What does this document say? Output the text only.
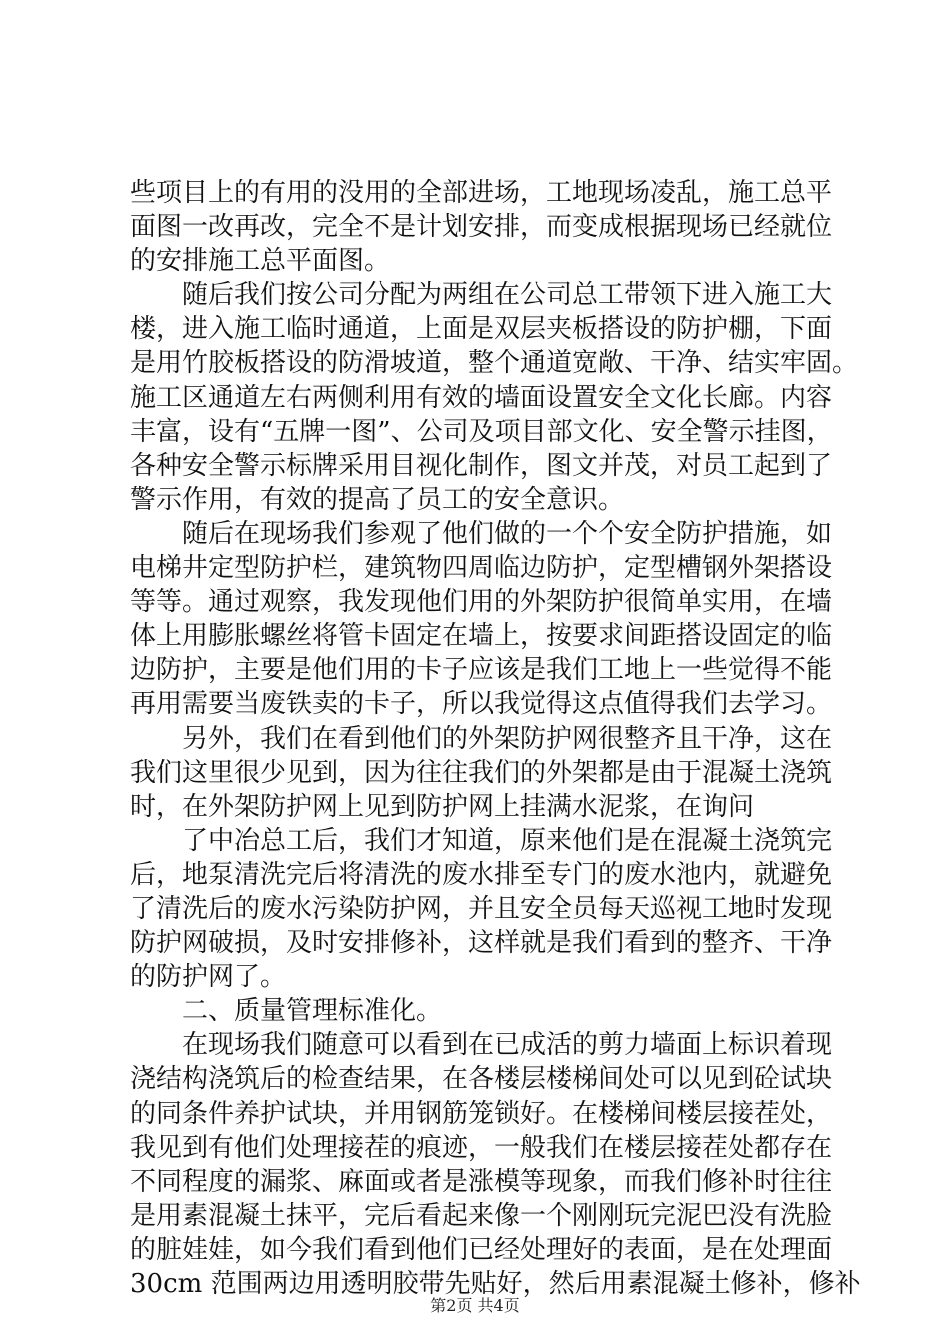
些项目上的有用的没用的全部进场，工地现场凌乱，施工总平
面图一改再改，完全不是计划安排，而变成根据现场已经就位
的安排施工总平面图。
随后我们按公司分配为两组在公司总工带领下进入施工大
楼，进入施工临时通道，上面是双层夹板搭设的防护棚，下面
是用竹胶板搭设的防滑坡道，整个通道宽敞、干净、结实牢固。
施工区通道左右两侧利用有效的墙面设置安全文化长廊。内容
丰富，设有“五牌一图”、公司及项目部文化、安全警示挂图，
各种安全警示标牌采用目视化制作，图文并茂，对员工起到了
警示作用，有效的提高了员工的安全意识。
随后在现场我们参观了他们做的一个个安全防护措施，如
电梯井定型防护栏，建筑物四周临边防护，定型槽钢外架搭设
等等。通过观察，我发现他们用的外架防护很简单实用，在墙
体上用膨胀螺丝将管卡固定在墙上，按要求间距搭设固定的临
边防护，主要是他们用的卡子应该是我们工地上一些觉得不能
再用需要当废铁卖的卡子，所以我觉得这点值得我们去学习。
另外，我们在看到他们的外架防护网很整齐且干净，这在
我们这里很少见到，因为往往我们的外架都是由于混凝土浇筑
时，在外架防护网上见到防护网上挂满水泥浆，在询问
了中冶总工后，我们才知道，原来他们是在混凝土浇筑完
后，地泵清洗完后将清洗的废水排至专门的废水池内，就避免
了清洗后的废水污染防护网，并且安全员每天巡视工地时发现
防护网破损，及时安排修补，这样就是我们看到的整齐、干净
的防护网了。
二、质量管理标准化。
在现场我们随意可以看到在已成活的剪力墙面上标识着现
浇结构浇筑后的检查结果，在各楼层楼梯间处可以见到砼试块
的同条件养护试块，并用钢筋笼锁好。在楼梯间楼层接茬处，
我见到有他们处理接茬的痕迹，一般我们在楼层接茬处都存在
不同程度的漏浆、麻面或者是涨模等现象，而我们修补时往往
是用素混凝土抹平，完后看起来像一个刚刚玩完泥巴没有洗脸
的脏娃娃，如今我们看到他们已经处理好的表面，是在处理面
30cm 范围两边用透明胶带先贴好，然后用素混凝土修补，修补
第2页 共4页
